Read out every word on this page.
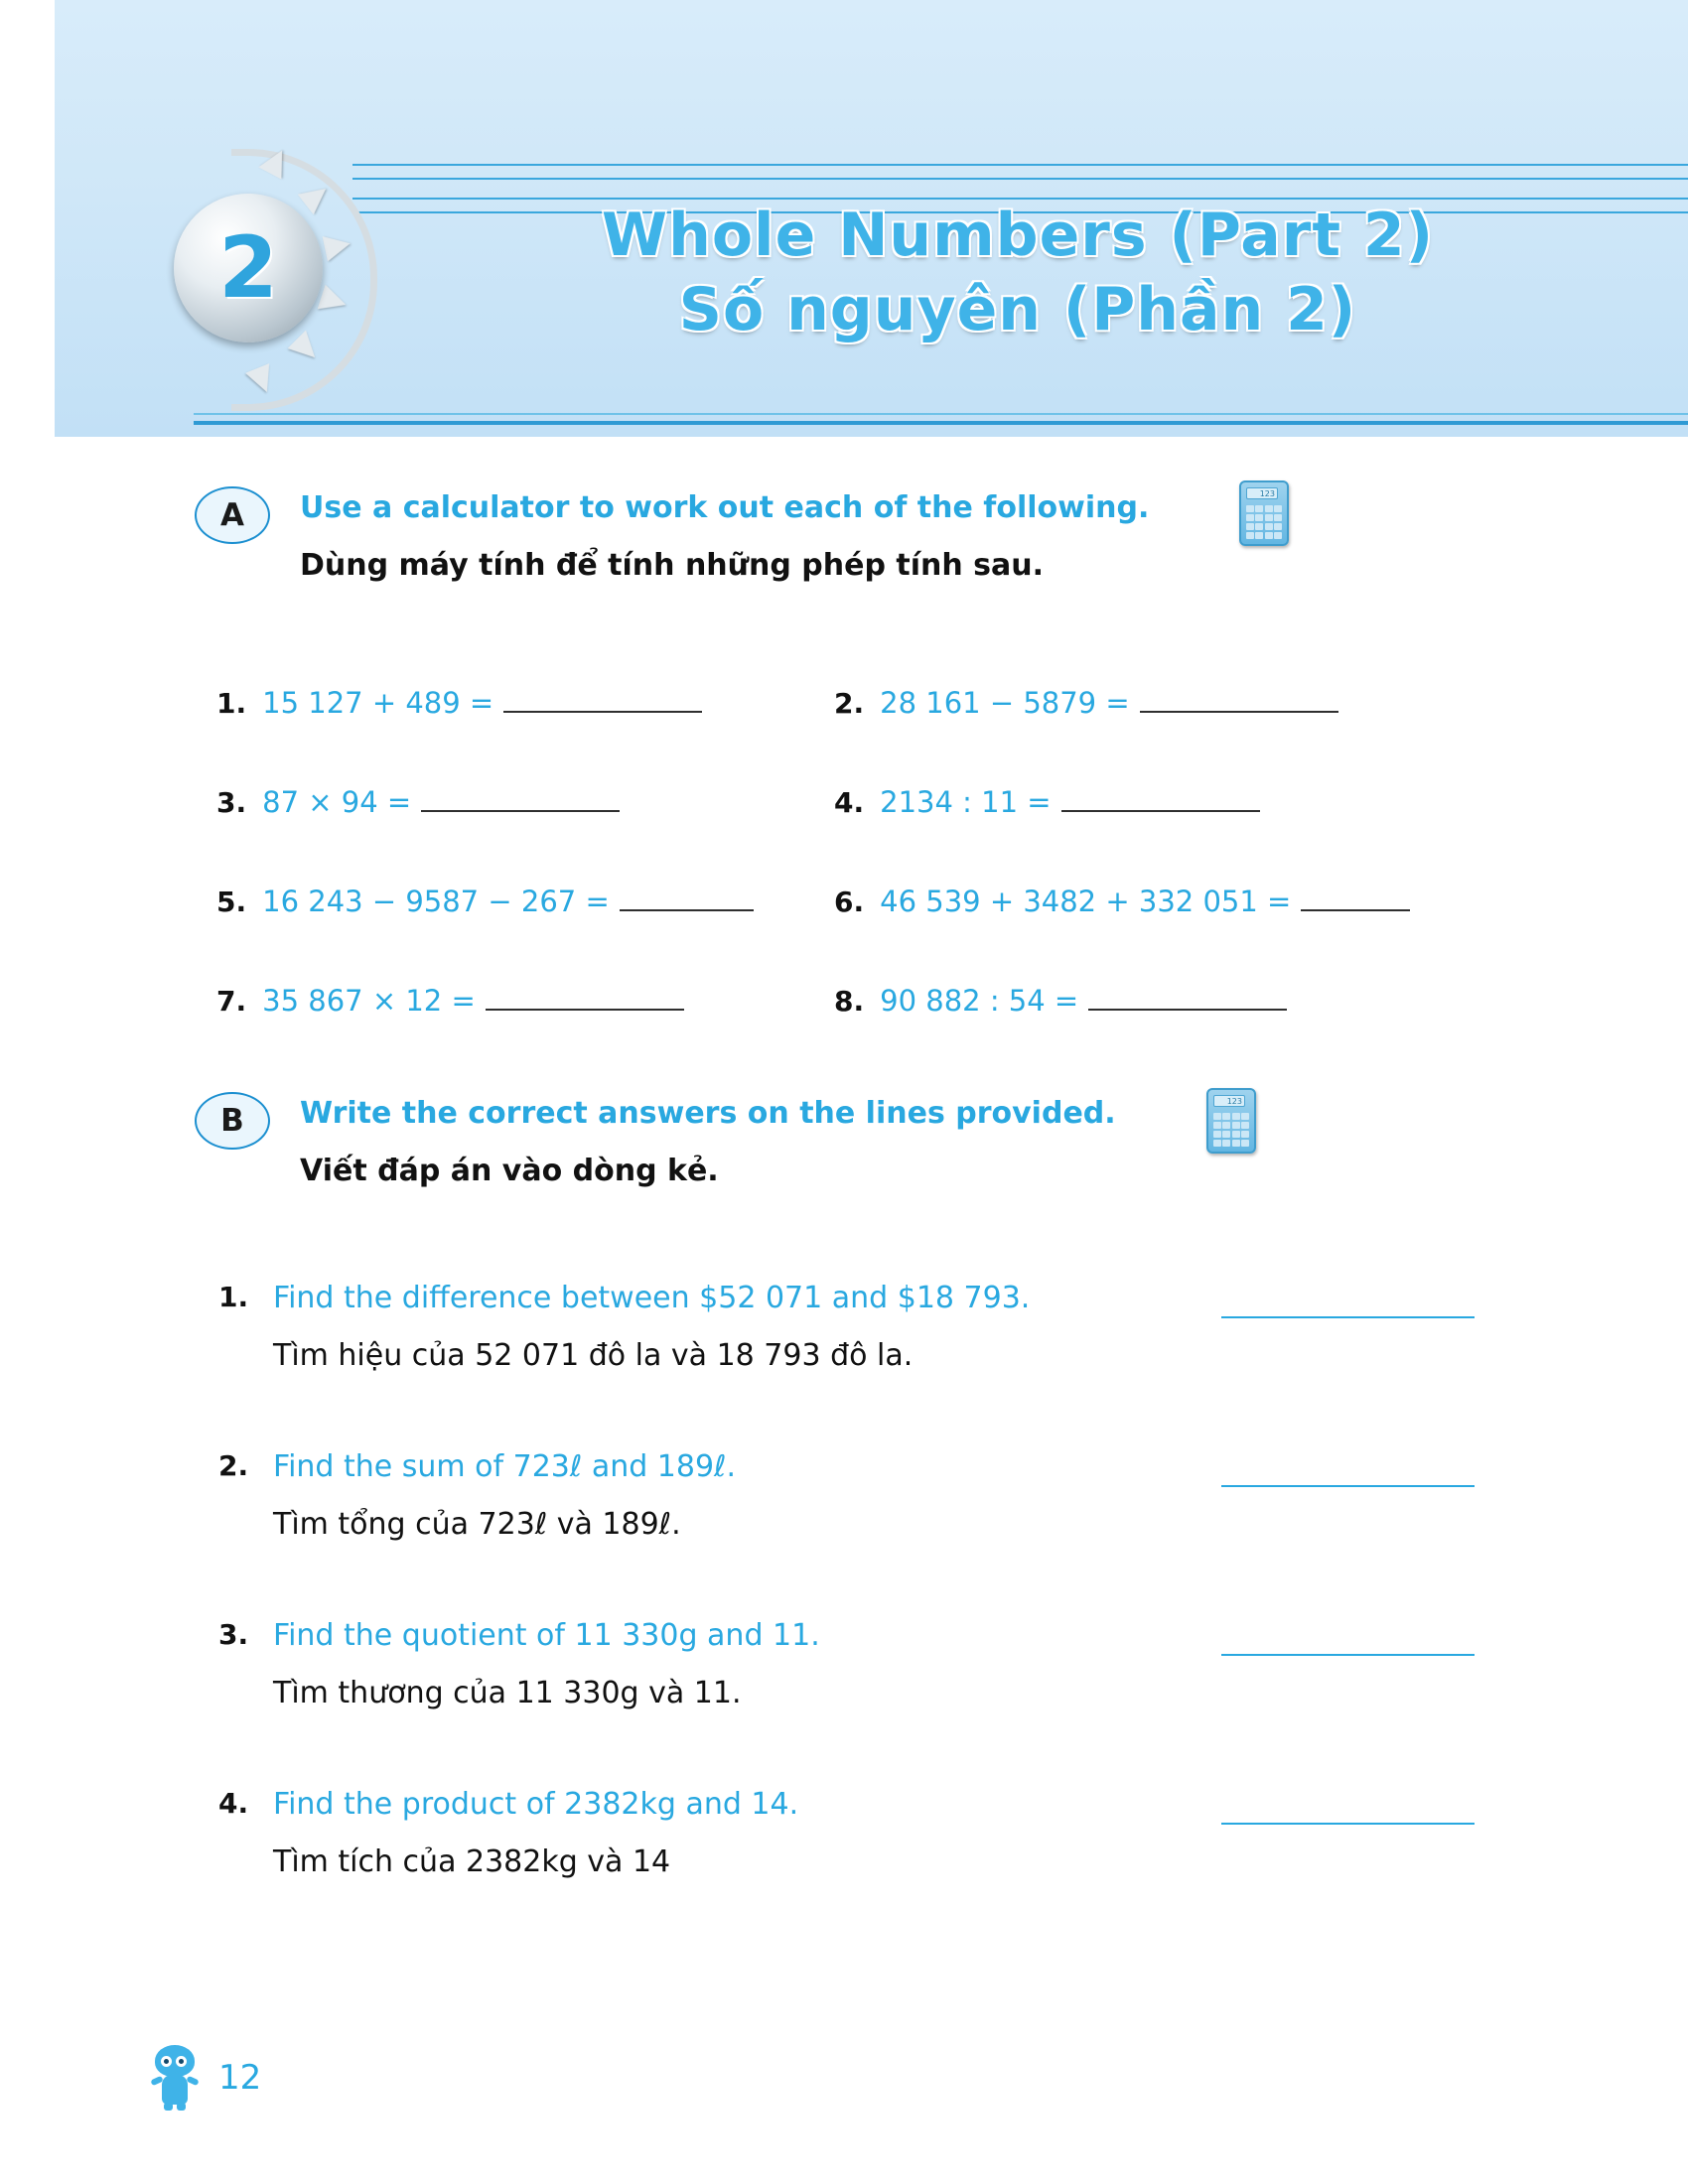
2	Whole Numbers (Part 2)
Số nguyên (Phần 2)
A	Use a calculator to work out each of the following.
Dùng máy tính để tính những phép tính sau.
123
1. 15 127 + 489 =	2. 28 161 − 5879 =
3. 87 × 94 =	4. 2134 : 11 =
5. 16 243 − 9587 − 267 =	6. 46 539 + 3482 + 332 051 =
7. 35 867 × 12 =	8. 90 882 : 54 =
B	Write the correct answers on the lines provided.
Viết đáp án vào dòng kẻ.
123
1. Find the difference between $52 071 and $18 793.
Tìm hiệu của 52 071 đô la và 18 793 đô la.
2. Find the sum of 723ℓ and 189ℓ.
Tìm tổng của 723ℓ và 189ℓ.
3. Find the quotient of 11 330g and 11.
Tìm thương của 11 330g và 11.
4. Find the product of 2382kg and 14.
Tìm tích của 2382kg và 14
12
